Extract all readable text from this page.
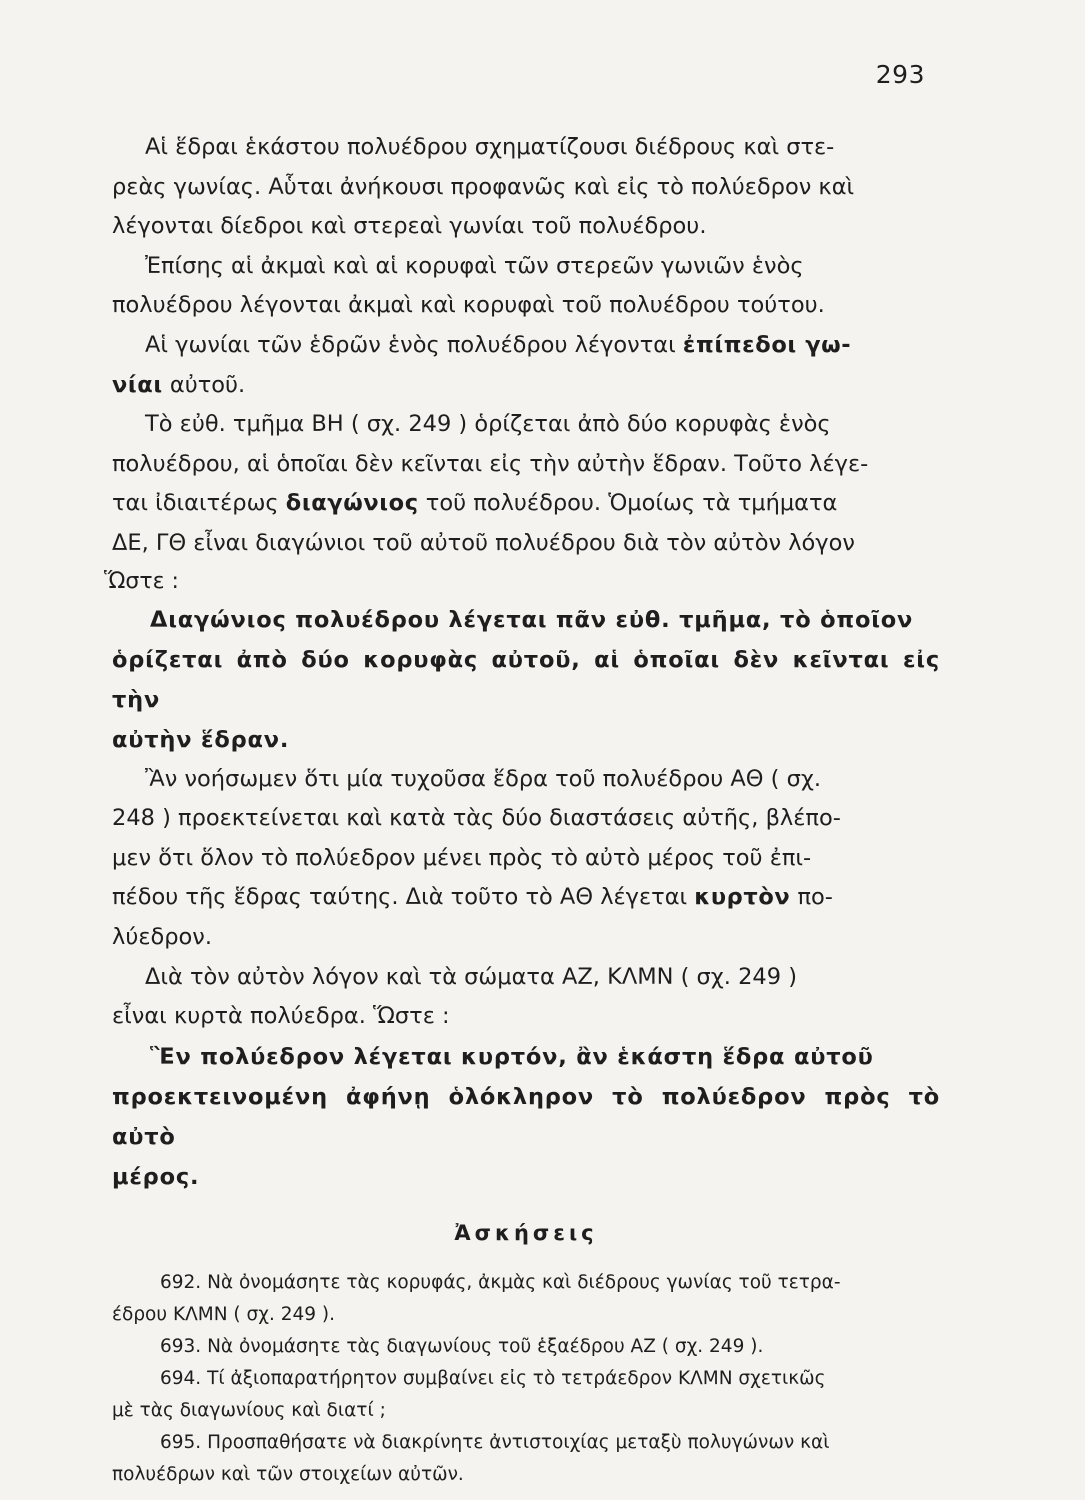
293

Αἱ ἕδραι ἑκάστου πολυέδρου σχηματίζουσι διέδρους καὶ στε-
ρεὰς γωνίας. Αὗται ἀνήκουσι προφανῶς καὶ εἰς τὸ πολύεδρον καὶ
λέγονται δίεδροι καὶ στερεαὶ γωνίαι τοῦ πολυέδρου.

Ἐπίσης αἱ ἀκμαὶ καὶ αἱ κορυφαὶ τῶν στερεῶν γωνιῶν ἑνὸς
πολυέδρου λέγονται ἀκμαὶ καὶ κορυφαὶ τοῦ πολυέδρου τούτου.

Αἱ γωνίαι τῶν ἑδρῶν ἑνὸς πολυέδρου λέγονται ἐπίπεδοι γω-
νίαι αὐτοῦ.

Τὸ εὐθ. τμῆμα ΒΗ ( σχ. 249 ) ὁρίζεται ἀπὸ δύο κορυφὰς ἑνὸς
πολυέδρου, αἱ ὁποῖαι δὲν κεῖνται εἰς τὴν αὐτὴν ἕδραν. Τοῦτο λέγε-
ται ἰδιαιτέρως διαγώνιος τοῦ πολυέδρου. Ὁμοίως τὰ τμήματα
ΔΕ, ΓΘ εἶναι διαγώνιοι τοῦ αὐτοῦ πολυέδρου διὰ τὸν αὐτὸν λόγον

Ὥστε :

Διαγώνιος πολυέδρου λέγεται πᾶν εὐθ. τμῆμα, τὸ ὁποῖον
ὁρίζεται ἀπὸ δύο κορυφὰς αὐτοῦ, αἱ ὁποῖαι δὲν κεῖνται εἰς τὴν
αὐτὴν ἕδραν.

Ἂν νοήσωμεν ὅτι μία τυχοῦσα ἕδρα τοῦ πολυέδρου ΑΘ ( σχ.
248 ) προεκτείνεται καὶ κατὰ τὰς δύο διαστάσεις αὐτῆς, βλέπο-
μεν ὅτι ὅλον τὸ πολύεδρον μένει πρὸς τὸ αὐτὸ μέρος τοῦ ἐπι-
πέδου τῆς ἕδρας ταύτης. Διὰ τοῦτο τὸ ΑΘ λέγεται κυρτὸν πο-
λύεδρον.

Διὰ τὸν αὐτὸν λόγον καὶ τὰ σώματα ΑΖ, ΚΛΜΝ ( σχ. 249 )
εἶναι κυρτὰ πολύεδρα. Ὥστε :

Ἓν πολύεδρον λέγεται κυρτόν, ἂν ἑκάστη ἕδρα αὐτοῦ
προεκτεινομένη ἀφήνῃ ὁλόκληρον τὸ πολύεδρον πρὸς τὸ αὐτὸ
μέρος.

Ἀσκήσεις

692. Νὰ ὀνομάσητε τὰς κορυφάς, ἀκμὰς καὶ διέδρους γωνίας τοῦ τετρα-
έδρου ΚΛΜΝ ( σχ. 249 ).

693. Νὰ ὀνομάσητε τὰς διαγωνίους τοῦ ἑξαέδρου ΑΖ ( σχ. 249 ).

694. Τί ἀξιοπαρατήρητον συμβαίνει εἰς τὸ τετράεδρον ΚΛΜΝ σχετικῶς
μὲ τὰς διαγωνίους καὶ διατί ;

695. Προσπαθήσατε νὰ διακρίνητε ἀντιστοιχίας μεταξὺ πολυγώνων καὶ
πολυέδρων καὶ τῶν στοιχείων αὐτῶν.
